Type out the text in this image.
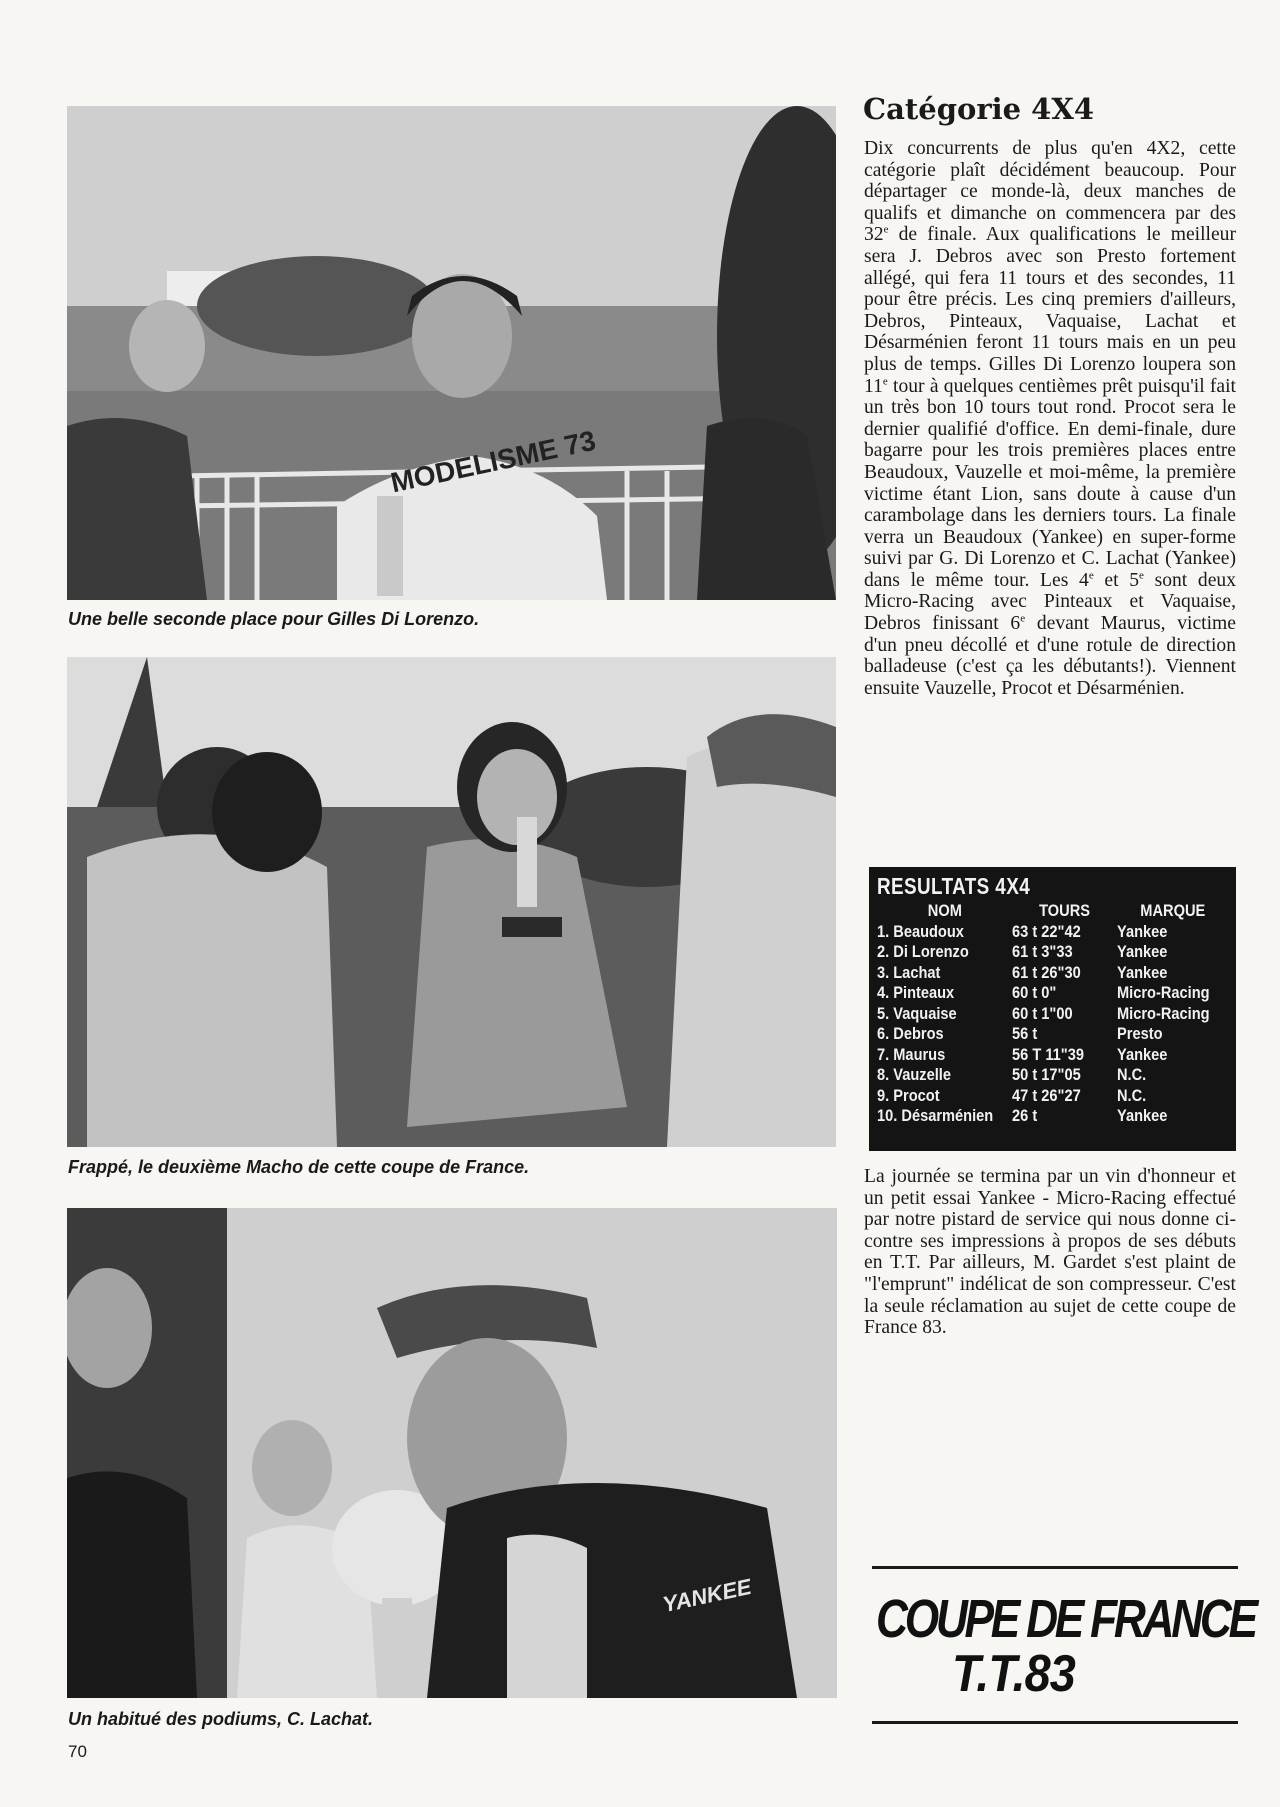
MODELISME 73
Une belle seconde place pour Gilles Di Lorenzo.
Frappé, le deuxième Macho de cette coupe de France.
YANKEE
Un habitué des podiums, C. Lachat.
70
Catégorie 4X4

Dix concurrents de plus qu'en 4X2, cette catégorie plaît décidément beaucoup. Pour départager ce monde-là, deux manches de qualifs et dimanche on commencera par des 32e de finale. Aux qualifications le meilleur sera J. Debros avec son Presto fortement allégé, qui fera 11 tours et des secondes, 11 pour être précis. Les cinq premiers d'ailleurs, Debros, Pinteaux, Vaquaise, Lachat et Désarménien feront 11 tours mais en un peu plus de temps. Gilles Di Lorenzo loupera son 11e tour à quelques centièmes prêt puisqu'il fait un très bon 10 tours tout rond. Procot sera le dernier qualifié d'office. En demi-finale, dure bagarre pour les trois premières places entre Beaudoux, Vauzelle et moi-même, la première victime étant Lion, sans doute à cause d'un carambolage dans les derniers tours. La finale verra un Beaudoux (Yankee) en super-forme suivi par G. Di Lorenzo et C. Lachat (Yankee) dans le même tour. Les 4e et 5e sont deux Micro-Racing avec Pinteaux et Vaquaise, Debros finissant 6e devant Maurus, victime d'un pneu décollé et d'une rotule de direction balladeuse (c'est ça les débutants!). Viennent ensuite Vauzelle, Procot et Désarménien.

RESULTATS 4X4
NOM	TOURS	MARQUE
1. Beaudoux	63 t 22"42	Yankee
2. Di Lorenzo	61 t 3"33	Yankee
3. Lachat	61 t 26"30	Yankee
4. Pinteaux	60 t 0"	Micro-Racing
5. Vaquaise	60 t 1"00	Micro-Racing
6. Debros	56 t	Presto
7. Maurus	56 T 11"39	Yankee
8. Vauzelle	50 t 17"05	N.C.
9. Procot	47 t 26"27	N.C.
10. Désarménien	26 t	Yankee

La journée se termina par un vin d'honneur et un petit essai Yankee - Micro-Racing effectué par notre pistard de service qui nous donne ci-contre ses impressions à propos de ses débuts en T.T. Par ailleurs, M. Gardet s'est plaint de "l'emprunt" indélicat de son compresseur. C'est la seule réclamation au sujet de cette coupe de France 83.

COUPE DE FRANCE
T.T.83
